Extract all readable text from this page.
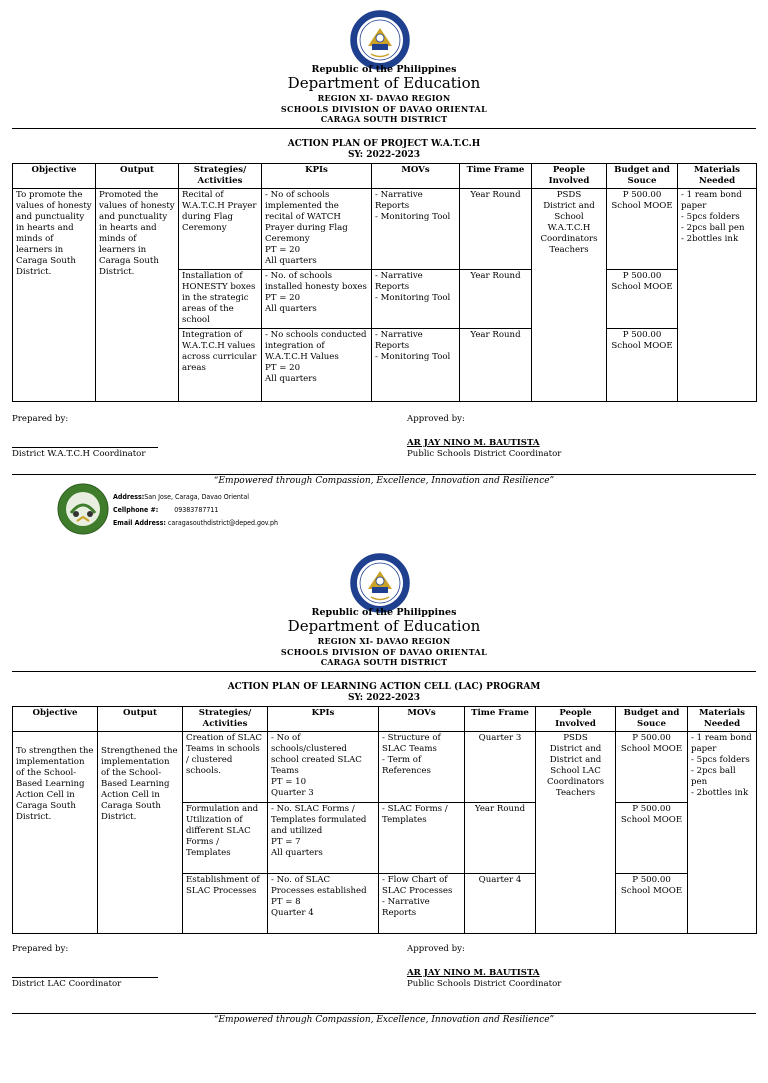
Republic of the Philippines
Department of Education
REGION XI- DAVAO REGION
SCHOOLS DIVISION OF DAVAO ORIENTAL
CARAGA SOUTH DISTRICT
ACTION PLAN OF PROJECT W.A.T.C.H
SY: 2022-2023
Objective	Output	Strategies/ Activities	KPIs	MOVs	Time Frame	People Involved	Budget and Souce	Materials Needed
To promote the values of honesty and punctuality in hearts and minds of learners in Caraga South District.	Promoted the values of honesty and punctuality in hearts and minds of learners in Caraga South District.	Recital of W.A.T.C.H Prayer during Flag Ceremony	- No of schools implemented the recital of WATCH Prayer during Flag Ceremony
PT = 20
All quarters	- Narrative Reports
- Monitoring Tool	Year Round	PSDS
District and School W.A.T.C.H Coordinators Teachers	P 500.00
School MOOE	- 1 ream bond paper
- 5pcs folders
- 2pcs ball pen
- 2bottles ink
		Installation of HONESTY boxes in the strategic areas of the school	- No. of schools installed honesty boxes
PT = 20
All quarters	- Narrative Reports
- Monitoring Tool	Year Round		P 500.00
School MOOE	
		Integration of W.A.T.C.H values across curricular areas	- No schools conducted integration of W.A.T.C.H Values
PT = 20
All quarters	- Narrative Reports
- Monitoring Tool	Year Round		P 500.00
School MOOE	
Prepared by:
District W.A.T.C.H Coordinator
Approved by:
AR JAY NINO M. BAUTISTA
Public Schools District Coordinator
“Empowered through Compassion, Excellence, Innovation and Resilience”
Address:San Jose, Caraga, Davao Oriental
Cellphone #: 09383787711
Email Address: caragasouthdistrict@deped.gov.ph
Republic of the Philippines
Department of Education
REGION XI- DAVAO REGION
SCHOOLS DIVISION OF DAVAO ORIENTAL
CARAGA SOUTH DISTRICT
ACTION PLAN OF LEARNING ACTION CELL (LAC) PROGRAM
SY: 2022-2023
Objective	Output	Strategies/ Activities	KPIs	MOVs	Time Frame	People Involved	Budget and Souce	Materials Needed
To strengthen the implementation of the School-Based Learning Action Cell in Caraga South District.	Strengthened the implementation of the School-Based Learning Action Cell in Caraga South District.	Creation of SLAC Teams in schools / clustered schools.	- No of schools/clustered school created SLAC Teams
PT = 10
Quarter 3	- Structure of SLAC Teams
- Term of References	Quarter 3	PSDS
District and District and School LAC Coordinators Teachers	P 500.00
School MOOE	- 1 ream bond paper
- 5pcs folders
- 2pcs ball pen
- 2bottles ink
		Formulation and Utilization of different SLAC Forms / Templates	- No. SLAC Forms / Templates formulated and utilized
PT = 7
All quarters	- SLAC Forms / Templates	Year Round		P 500.00
School MOOE	
		Establishment of SLAC Processes	- No. of SLAC Processes established
PT = 8
Quarter 4	- Flow Chart of SLAC Processes
- Narrative Reports	Quarter 4		P 500.00
School MOOE	
Prepared by:
District LAC Coordinator
Approved by:
AR JAY NINO M. BAUTISTA
Public Schools District Coordinator
“Empowered through Compassion, Excellence, Innovation and Resilience”
